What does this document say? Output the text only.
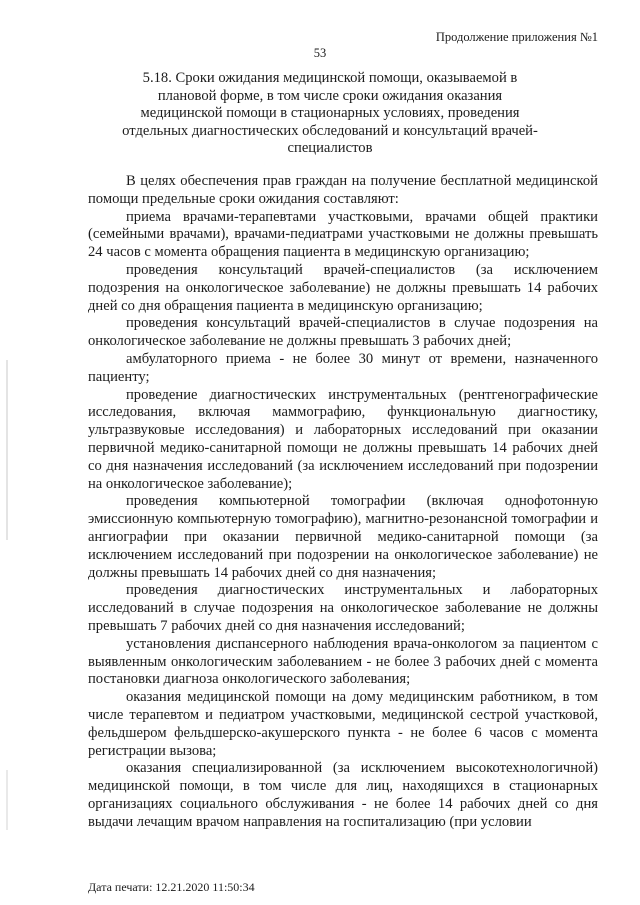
Продолжение приложения №1
53
5.18. Сроки ожидания медицинской помощи, оказываемой в плановой форме, в том числе сроки ожидания оказания медицинской помощи в стационарных условиях, проведения отдельных диагностических обследований и консультаций врачей-специалистов

В целях обеспечения прав граждан на получение бесплатной медицинской помощи предельные сроки ожидания составляют:

приема врачами-терапевтами участковыми, врачами общей практики (семейными врачами), врачами-педиатрами участковыми не должны превышать 24 часов с момента обращения пациента в медицинскую организацию;

проведения консультаций врачей-специалистов (за исключением подозрения на онкологическое заболевание) не должны превышать 14 рабочих дней со дня обращения пациента в медицинскую организацию;

проведения консультаций врачей-специалистов в случае подозрения на онкологическое заболевание не должны превышать 3 рабочих дней;

амбулаторного приема - не более 30 минут от времени, назначенного пациенту;

проведение диагностических инструментальных (рентгенографические исследования, включая маммографию, функциональную диагностику, ультразвуковые исследования) и лабораторных исследований при оказании первичной медико-санитарной помощи не должны превышать 14 рабочих дней со дня назначения исследований (за исключением исследований при подозрении на онкологическое заболевание);

проведения компьютерной томографии (включая однофотонную эмиссионную компьютерную томографию), магнитно-резонансной томографии и ангиографии при оказании первичной медико-санитарной помощи (за исключением исследований при подозрении на онкологическое заболевание) не должны превышать 14 рабочих дней со дня назначения;

проведения диагностических инструментальных и лабораторных исследований в случае подозрения на онкологическое заболевание не должны превышать 7 рабочих дней со дня назначения исследований;

установления диспансерного наблюдения врача-онкологом за пациентом с выявленным онкологическим заболеванием - не более 3 рабочих дней с момента постановки диагноза онкологического заболевания;

оказания медицинской помощи на дому медицинским работником, в том числе терапевтом и педиатром участковыми, медицинской сестрой участковой, фельдшером фельдшерско-акушерского пункта - не более 6 часов с момента регистрации вызова;

оказания специализированной (за исключением высокотехнологичной) медицинской помощи, в том числе для лиц, находящихся в стационарных организациях социального обслуживания - не более 14 рабочих дней со дня выдачи лечащим врачом направления на госпитализацию (при условии

Дата печати: 12.21.2020 11:50:34
